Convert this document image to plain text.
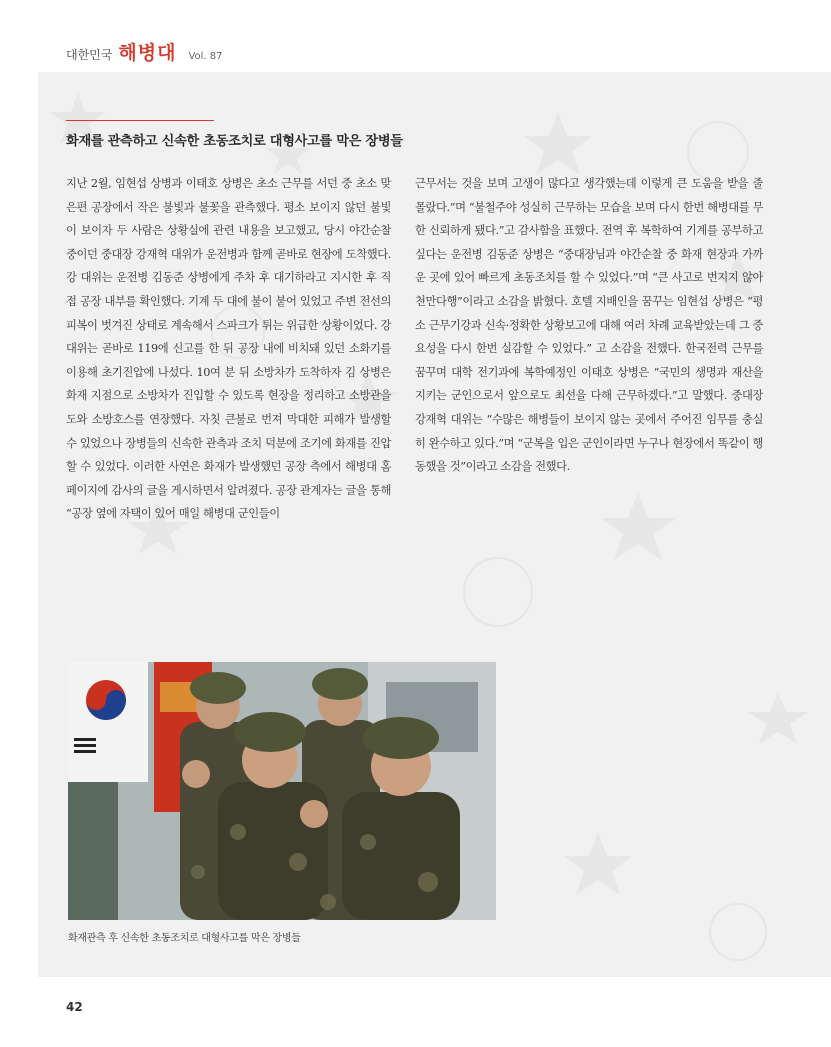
대한민국 해병대 Vol. 87
화재를 관측하고 신속한 초동조치로 대형사고를 막은 장병들
지난 2월, 임현섭 상병과 이태호 상병은 초소 근무를 서던 중 초소 맞은편 공장에서 작은 불빛과 불꽃을 관측했다. 평소 보이지 않던 불빛이 보이자 두 사람은 상황실에 관련 내용을 보고했고, 당시 야간순찰 중이던 중대장 강재혁 대위가 운전병과 함께 곧바로 현장에 도착했다. 강 대위는 운전병 김동준 상병에게 주차 후 대기하라고 지시한 후 직접 공장 내부를 확인했다. 기계 두 대에 불이 붙어 있었고 주변 전선의 피복이 벗겨진 상태로 계속해서 스파크가 튀는 위급한 상황이었다. 강 대위는 곧바로 119에 신고를 한 뒤 공장 내에 비치돼 있던 소화기를 이용해 초기진압에 나섰다. 10여 분 뒤 소방차가 도착하자 김 상병은 화재 지점으로 소방차가 진입할 수 있도록 현장을 정리하고 소방관을 도와 소방호스를 연장했다. 자칫 큰불로 번져 막대한 피해가 발생할 수 있었으나 장병들의 신속한 관측과 조치 덕분에 조기에 화재를 진압할 수 있었다. 이러한 사연은 화재가 발생했던 공장 측에서 해병대 홈페이지에 감사의 글을 게시하면서 알려졌다. 공장 관계자는 글을 통해 “공장 옆에 자택이 있어 매일 해병대 군인들이
근무서는 것을 보며 고생이 많다고 생각했는데 이렇게 큰 도움을 받을 줄 몰랐다.”며 “불철주야 성실히 근무하는 모습을 보며 다시 한번 해병대를 무한 신뢰하게 됐다.”고 감사함을 표했다. 전역 후 복학하여 기계를 공부하고 싶다는 운전병 김동준 상병은 “중대장님과 야간순찰 중 화재 현장과 가까운 곳에 있어 빠르게 초동조치를 할 수 있었다.”며 “큰 사고로 번지지 않아 천만다행”이라고 소감을 밝혔다. 호텔 지배인을 꿈꾸는 임현섭 상병은 “평소 근무기강과 신속·정확한 상황보고에 대해 여러 차례 교육받았는데 그 중요성을 다시 한번 실감할 수 있었다.” 고 소감을 전했다. 한국전력 근무를 꿈꾸며 대학 전기과에 복학예정인 이태호 상병은 “국민의 생명과 재산을 지키는 군인으로서 앞으로도 최선을 다해 근무하겠다.”고 말했다. 중대장 강재혁 대위는 “수많은 해병들이 보이지 않는 곳에서 주어진 임무를 충실히 완수하고 있다.”며 “군복을 입은 군인이라면 누구나 현장에서 똑같이 행동했을 것”이라고 소감을 전했다.
화재관측 후 신속한 초동조치로 대형사고를 막은 장병들
42
